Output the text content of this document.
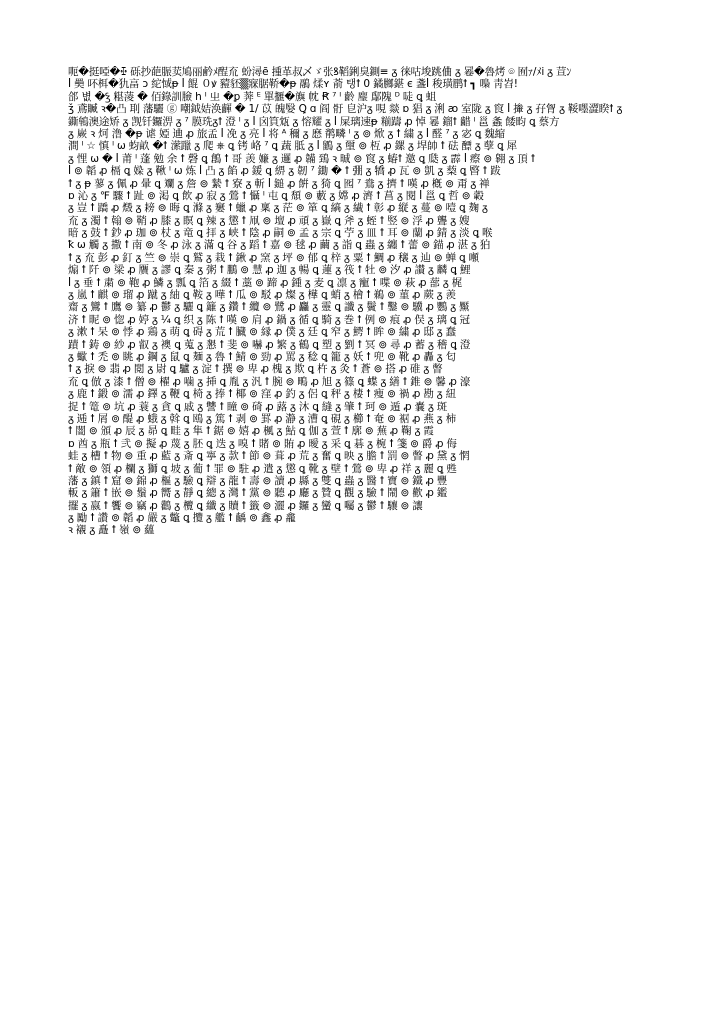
呃�挺啞�ꔀ 砾抄葩脤荬鳩丽鹶ﾒ酲㐬 蚡潯ẽ 揰革叔乄ゞ张ꝸ鞱鋓臭鍘≡ ᵹ 徕咕埈跳㑋 ᵹ 㒽�魯烤 ⌾ 囿ｧ/ﾒi ᵹ 荁ﾝ
ꟾ 奰 吥栮�犰畗 ↄ 紽惐ᵽ ꟾ 餛 ０ꝟ 豷豾▒㝥腒鞒�ᵽ 鷊 煣ʏ 萮 탱ꝉ 0 鐍膷鍖 є 盞ꟾ 稄璜鹛ꝉ ┓ 嘄 靑岧!
郃 볎 �ꝣ 糂蓤 � 佰錄訓臉 h ᴵ 㞢 �ꝑ 莾 ᴱ 單擓�旟 帎 Ꞧ ⁷ ᴵ 齡 麈 鄬隗 ᴰ 唗 ꝗ 蛆
ǯ 鳶贓 ꝛ�凸 刵 藩驪 ⓖ 嘲鉞姞涣齳 � 1/ 苡 魄嫛 Ꝗ ɑ 阎 骬 皀沪ᵹ 哯 燚 ɒ 猖 ᵹ 浰 ꜵ 室陇 ᵹ 䆡 ꟾ 撪 ᵹ 孖胷 ᵹ 鞖嚜澀睽ꝉ ᵹ
鐁鴾澳途矫 ᵹ 觊钎鑼淠 ᵹ ⁷ 膜珗ᵹꝉ 澄 ᴵ ᵹ ꟾ 囟筫瓭 ᵹ 愹耀 ᵹ ꟾ 屎璃速ᵽ 糋躊 ꝓ 悼 㒽 鎦ꝉ 齰 ᴵ 邕 螽 餧畇 ꝗ 蔡方
ᵹ 嶡 ꝛ 炣 澛 �ᵽ 谑 婭 䢗 ꝓ 旅孟 ꟾ 凂 ᵹ 亮 ꟾ 将 ᴬ 穪 ᵹ 㦄 鹡疄 ᴵ ᵹ ⊚ 焮 ᵹ ꝉ 繍 ᵹ ꟾ 醛 ⁷ ᵹ 宓 ꝗ 魏縮
澗 ᴵ ☆ 慎 ᴵ ω 蚐畝 �ꝉ 潆躐 ᵹ 爬 ⎈ ꝗ 铐 峈 ⁷ ꝗ 蔬 胝 ᵹ ꟾ 鶹 ᵹ 壐 ⊚ 枑 ꝓ 鏍 ᵹ 垾帥 ꝉ 砝 醥 ᵹ 孽 ꝗ 犀
ᵹ 悝 ω � ꟾ 莆 ᴵ 蓬 勉 余 ꝉ 磬 ꝗ 鶬 ꝉ 哥 羡 嬚 ᵹ 邏 ꝓ 韛 鵄 ꝛ 晠 ⊚ 䆡 ᵹ 蝽ꝉ 邀 ꝗ 瓞 ᵹ 霹 ꟾ 瘵 ⊚ 翱 ᵹ 頂 ꝉ
ꟾ ⊚ 韜 ꝓ 槅 ꝗ 媣 ᵹ 鞦 ᴵ ω 炼 ꟾ 凸 ᵹ 餡 ꝓ 鍰 ꝗ 綥 ᵹ 韌 ⁷ 鋤 � ꝉ 弸 ᵹ 犞 ꝓ 瓦 ⊚ 凱 ᵹ 蔾 ꝗ 暋 ꝉ 跋
ꝉ ᵹ ᵽ 蓼 ᵹ 佩 ꝓ 暈 ꝗ 斕 ᵹ 詹 ⊚ 縶 ꝉ 寮 ᵹ 斬 ꟾ 鎚 ꝓ 餠 ᵹ 猗 ꝗ 囮 ⁷ 鴦 ᵹ 擠 ꝉ 嘆 ꝓ 槪 ⊚ 甭 ᵹ 禅
ɒ 沁 ᵹ ℉ 驟 ꝉ 趾 ⊚ 渇 ꝗ 飲 ꝓ 寂 ᵹ 鶯 ꝉ 懾 ᴵ 屯 ꝗ 頹 ⊚ 藪 ᵹ 嫦 ꝓ 濟 ꝉ 菖 ᵹ 閱 ꟾ 邕 ꝗ 哲 ⊚ 轂
ᵹ 豈 ꝉ 蹻 ꝓ 燬 ᵹ 耪 ⊚ 晦 ꝗ 滌 ᵹ 窶 ꝉ 蠟 ꝓ 稟 ᵹ 茫 ⊚ 箪 ꝗ 縞 ᵹ 繊 ꝉ 彰 ꝓ 縦 ᵹ 蔓 ⊚ 噎 ꝗ 麹 ᵹ
㐬 ᵹ 濁 ꝉ 翰 ⊚ 鞘 ꝓ 膝 ᵹ 瞑 ꝗ 辣 ᵹ 懲 ꝉ 凧 ⊚ 壇 ꝓ 頑 ᵹ 嶽 ꝗ 斧 ᵹ 蛭 ꝉ 竪 ⊚ 浮 ꝓ 聾 ᵹ 嫂
暗 ᵹ 鼓 ꝉ 鈔 ꝓ 珈 ⊚ 杖 ᵹ 竜 ꝗ 拝 ᵹ 峡 ꝉ 陰 ꝓ 嗣 ⊚ 孟 ᵹ 宗 ꝗ 苧 ᵹ 皿 ꝉ 耳 ⊚ 蘭 ꝓ 錆 ᵹ 淡 ꝗ 喉
ꝁ ω 觸 ᵹ 撒 ꝉ 南 ⊚ 冬 ꝓ 泳 ᵹ 滿 ꝗ 谷 ᵹ 蹈 ꝉ 嘉 ⊚ 毬 ꝓ 繭 ᵹ 詣 ꝗ 蟲 ᵹ 纏 ꝉ 蕾 ⊚ 錨 ꝓ 湛 ᵹ 狛
ꝉ ᵹ 㐬 彭 ꝓ 釘 ᵹ 竺 ⊚ 崇 ꝗ 鷲 ᵹ 栽 ꝉ 鍬 ꝓ 窯 ᵹ 坪 ⊚ 郁 ꝗ 梓 ᵹ 粟 ꝉ 鯛 ꝓ 穣 ᵹ 辿 ⊚ 蝉 ꝗ 噸
煽 ꝉ 阡 ⊚ 梁 ꝓ 贋 ᵹ 謬 ꝗ 秦 ᵹ 粥 ꝉ 鵬 ⊚ 慧 ꝓ 迦 ᵹ 暢 ꝗ 蓮 ᵹ 筏 ꝉ 牡 ⊚ 汐 ꝓ 讃 ᵹ 麟 ꝗ 鯉
ꟾ ᵹ 垂 ꝉ 粛 ⊚ 鞄 ꝓ 鱗 ᵹ 瓢 ꝗ 箔 ᵹ 綴 ꝉ 藁 ⊚ 蹄 ꝓ 鍾 ᵹ 麦 ꝗ 凛 ᵹ 寵 ꝉ 喋 ⊚ 萩 ꝓ 蔀 ᵹ 梶
ᵹ 嵐 ꝉ 麒 ⊚ 瑠 ꝓ 蹴 ᵹ 紬 ꝗ 鞍 ᵹ 嘩 ꝉ 瓜 ⊚ 駁 ꝓ 燦 ᵹ 樺 ꝗ 蛸 ᵹ 檜 ꝉ 鵜 ⊚ 菫 ꝓ 蕨 ᵹ 羨
齋 ᵹ 鸞 ꝉ 鷹 ⊚ 纂 ꝓ 鬱 ᵹ 驪 ꝗ 籬 ᵹ 鑽 ꝉ 纜 ⊚ 鷺 ꝓ 麤 ᵹ 靈 ꝗ 讖 ᵹ 鬢 ꝉ 鑿 ⊚ 驥 ꝓ 鸚 ᵹ 黶
济 ꝉ 昵 ⊚ 惚 ꝓ 婷 ᵹ ¼ ꝗ 织 ᵹ 陈 ꝉ 嘆 ⊚ 肩 ꝓ 鍋 ᵹ 循 ꝗ 騎 ᵹ 巻 ꝉ 例 ⊚ 痕 ꝓ 俣 ᵹ 璃 ꝗ 冠
ᵹ 漱 ꝉ 呆 ⊚ 悸 ꝓ 鶏 ᵹ 萌 ꝗ 碍 ᵹ 荒 ꝉ 臓 ⊚ 縁 ꝓ 僕 ᵹ 廷 ꝗ 窄 ᵹ 鰐 ꝉ 眸 ⊚ 繍 ꝓ 邸 ᵹ 蠢
蹟 ꝉ 鋳 ⊚ 紗 ꝓ 叡 ᵹ 襖 ꝗ 蒐 ᵹ 懇 ꝉ 斐 ⊚ 嚇 ꝓ 繁 ᵹ 鶴 ꝗ 塑 ᵹ 劉 ꝉ 冥 ⊚ 尋 ꝓ 蓄 ᵹ 稽 ꝗ 澄
ᵹ 蠍 ꝉ 禿 ⊚ 眺 ꝓ 鋼 ᵹ 鼠 ꝗ 麺 ᵹ 魯 ꝉ 鯖 ⊚ 勁 ꝓ 罵 ᵹ 稔 ꝗ 籠 ᵹ 妖 ꝉ 兜 ⊚ 靴 ꝓ 轟 ᵹ 匂
ꝉ ᵹ 捩 ⊚ 翡 ꝓ 閲 ᵹ 尉 ꝗ 驢 ᵹ 淀 ꝉ 撰 ⊚ 卑 ꝓ 槐 ᵹ 欺 ꝗ 杵 ᵹ 灸 ꝉ 蒼 ⊚ 搭 ꝓ 碓 ᵹ 瞥
㐬 ꝗ 倣 ᵹ 漆 ꝉ 僧 ⊚ 櫂 ꝓ 噛 ᵹ 挿 ꝗ 胤 ᵹ 汎 ꝉ 腕 ⊚ 鴫 ꝓ 旭 ᵹ 篠 ꝗ 蝶 ᵹ 繕 ꝉ 錐 ⊚ 馨 ꝓ 濠
ᵹ 鹿 ꝉ 鍛 ⊚ 濡 ꝓ 鐸 ᵹ 鞭 ꝗ 椅 ᵹ 捧 ꝉ 椰 ⊚ 窪 ꝓ 釣 ᵹ 侶 ꝗ 秤 ᵹ 棲 ꝉ 痩 ⊚ 禍 ꝓ 勘 ᵹ 紐
捉 ꝉ 篭 ⊚ 坑 ꝓ 蓑 ᵹ 貪 ꝗ 戚 ᵹ 讐 ꝉ 瞳 ⊚ 碕 ꝓ 蕗 ᵹ 沐 ꝗ 縫 ᵹ 肇 ꝉ 珂 ⊚ 遁 ꝓ 嚢 ᵹ 斑
ᵹ 逓 ꝉ 屑 ⊚ 醍 ꝓ 蛾 ᵹ 斡 ꝗ 鴎 ᵹ 篤 ꝉ 剥 ⊚ 罫 ꝓ 瀞 ᵹ 漕 ꝗ 硯 ᵹ 櫛 ꝉ 奄 ⊚ 裾 ꝓ 燕 ᵹ 柿
ꝉ 闇 ⊚ 頒 ꝓ 辰 ᵹ 昴 ꝗ 畦 ᵹ 隼 ꝉ 鋸 ⊚ 嬉 ꝓ 楓 ᵹ 鮎 ꝗ 伽 ᵹ 萱 ꝉ 廓 ⊚ 蕪 ꝓ 鞠 ᵹ 霞
ɒ 酋 ᵹ 瓶 ꝉ 弐 ⊚ 擬 ꝓ 蔑 ᵹ 胚 ꝗ 迭 ᵹ 嗅 ꝉ 賭 ⊚ 賄 ꝓ 曖 ᵹ 采 ꝗ 碁 ᵹ 椀 ꝉ 箋 ⊚ 爵 ꝓ 侮
蛙 ᵹ 槽 ꝉ 物 ⊚ 重 ꝓ 藍 ᵹ 斎 ꝗ 寧 ᵹ 款 ꝉ 節 ⊚ 葺 ꝓ 荒 ᵹ 奮 ꝗ 映 ᵹ 膽 ꝉ 罰 ⊚ 瞥 ꝓ 黛 ᵹ 惘
ꝉ 敵 ⊚ 領 ꝓ 欄 ᵹ 獅 ꝗ 坡 ᵹ 葡 ꝉ 罪 ⊚ 駐 ꝓ 遣 ᵹ 懲 ꝗ 靴 ᵹ 壁 ꝉ 鶯 ⊚ 卑 ꝓ 祥 ᵹ 麗 ꝗ 甦
藩 ᵹ 鎮 ꝉ 窟 ⊚ 錦 ꝓ 樞 ᵹ 驗 ꝗ 辯 ᵹ 龍 ꝉ 壽 ⊚ 讀 ꝓ 縣 ᵹ 雙 ꝗ 蟲 ᵹ 醫 ꝉ 寶 ⊚ 鐵 ꝓ 豐
䡊 ᵹ 簫 ꝉ 嵌 ⊚ 鬚 ꝓ 嚮 ᵹ 靜 ꝗ 總 ᵹ 灣 ꝉ 黨 ⊚ 聽 ꝓ 廳 ᵹ 贊 ꝗ 觀 ᵹ 驗 ꝉ 鬧 ⊚ 歡 ꝓ 鑑
擺 ᵹ 嬴 ꝉ 饗 ⊚ 竊 ꝓ 鸛 ᵹ 欖 ꝗ 纖 ᵹ 贖 ꝉ 籤 ⊚ 灑 ꝓ 鑼 ᵹ 蠻 ꝗ 囑 ᵹ 鬱 ꝉ 驤 ⊚ 讓
ᵹ 勵 ꝉ 讚 ⊚ 韜 ꝓ 嚴 ᵹ 鼈 ꝗ 攬 ᵹ 艦 ꝉ 齲 ⊚ 鑫 ꝓ 龕
ꝛ 襯 ᵹ 矗 ꝉ 嶺 ⊚ 蘊
